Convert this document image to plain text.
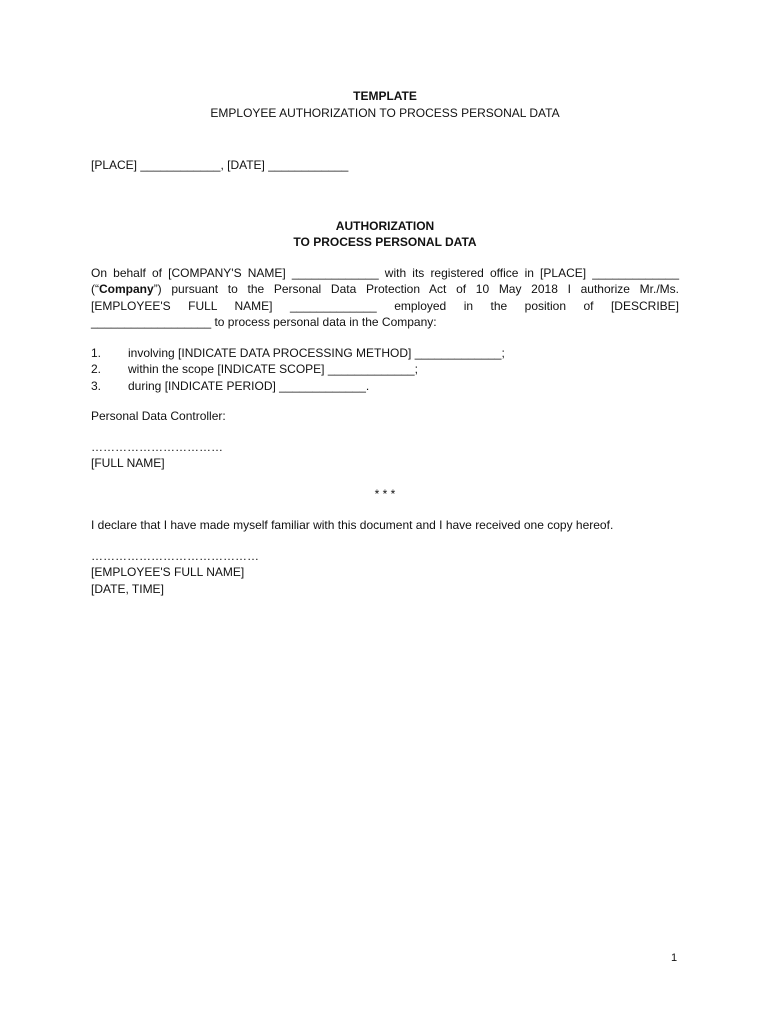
TEMPLATE

EMPLOYEE AUTHORIZATION TO PROCESS PERSONAL DATA

[PLACE] ____________, [DATE] ____________

AUTHORIZATION

TO PROCESS PERSONAL DATA

On behalf of [COMPANY'S NAME] _____________ with its registered office in [PLACE] _____________

(“Company”) pursuant to the Personal Data Protection Act of 10 May 2018 I authorize Mr./Ms.

[EMPLOYEE'S FULL NAME] _____________ employed in the position of [DESCRIBE]

__________________ to process personal data in the Company:

1.	involving [INDICATE DATA PROCESSING METHOD] _____________;
2.	within the scope [INDICATE SCOPE] _____________;
3.	during [INDICATE PERIOD] _____________.

Personal Data Controller:

……………………………

[FULL NAME]

* * *

I declare that I have made myself familiar with this document and I have received one copy hereof.

……………………………………

[EMPLOYEE'S FULL NAME]

[DATE, TIME]

1
